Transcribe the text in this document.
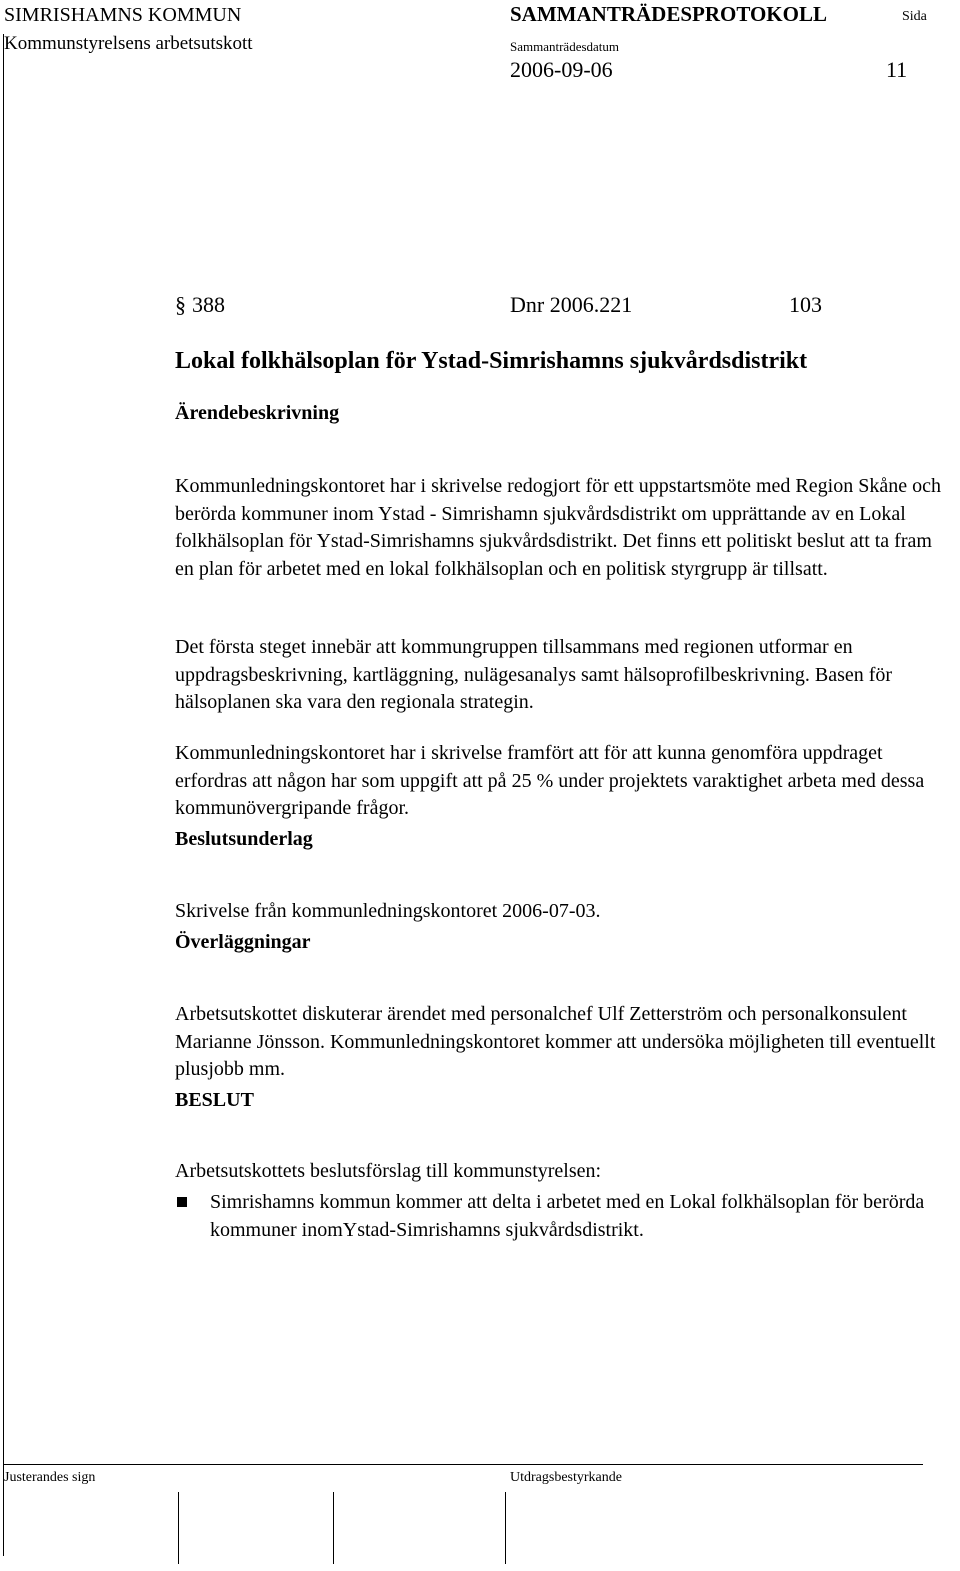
SIMRISHAMNS KOMMUN
Kommunstyrelsens arbetsutskott
SAMMANTRÄDESPROTOKOLL	Sida
Sammanträdesdatum
2006-09-06	11
§ 388	Dnr 2006.221	103
Lokal folkhälsoplan för Ystad-Simrishamns sjukvårdsdistrikt
Ärendebeskrivning

Kommunledningskontoret har i skrivelse redogjort för ett uppstartsmöte med Region Skåne och berörda kommuner inom Ystad - Simrishamn sjukvårdsdistrikt om upprättande av en Lokal folkhälsoplan för Ystad-Simrishamns sjukvårdsdistrikt. Det finns ett politiskt beslut att ta fram en plan för arbetet med en lokal folkhälsoplan och en politisk styrgrupp är tillsatt.

Det första steget innebär att kommungruppen tillsammans med regionen utformar en uppdragsbeskrivning, kartläggning, nulägesanalys samt hälsoprofilbeskrivning. Basen för hälsoplanen ska vara den regionala strategin.

Kommunledningskontoret har i skrivelse framfört att för att kunna genomföra uppdraget erfordras att någon har som uppgift att på 25 % under projektets varaktighet arbeta med dessa kommunövergripande frågor.

Beslutsunderlag

Skrivelse från kommunledningskontoret 2006-07-03.

Överläggningar

Arbetsutskottet diskuterar ärendet med personalchef Ulf Zetterström och personalkonsulent Marianne Jönsson. Kommunledningskontoret kommer att undersöka möjligheten till eventuellt plusjobb mm.

BESLUT

Arbetsutskottets beslutsförslag till kommunstyrelsen:

Simrishamns kommun kommer att delta i arbetet med en Lokal folkhälsoplan för berörda kommuner inomYstad-Simrishamns sjukvårdsdistrikt.
Justerandes sign	Utdragsbestyrkande
